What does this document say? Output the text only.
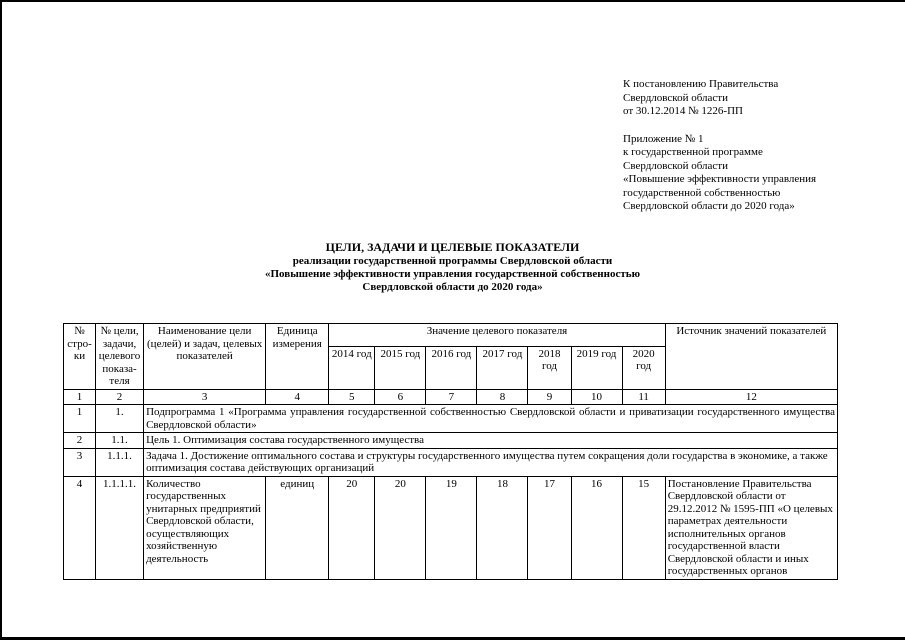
К постановлению Правительства
Свердловской области
от 30.12.2014 № 1226-ПП
Приложение № 1
к государственной программе
Свердловской области
«Повышение эффективности управления
государственной собственностью
Свердловской области до 2020 года»
ЦЕЛИ, ЗАДАЧИ И ЦЕЛЕВЫЕ ПОКАЗАТЕЛИ
реализации государственной программы Свердловской области
«Повышение эффективности управления государственной собственностью
Свердловской области до 2020 года»
№ стро-ки	№ цели, задачи, целевого показа-теля	Наименование цели (целей) и задач, целевых показателей	Единица измерения	Значение целевого показателя							Источник значений показателей
				2014 год	2015 год	2016 год	2017 год	2018 год	2019 год	2020 год	
1	2	3	4	5	6	7	8	9	10	11	12
1	1.	Подпрограмма 1 «Программа управления государственной собственностью Свердловской области и приватизации государственного имущества Свердловской области»									
2	1.1.	Цель 1. Оптимизация состава государственного имущества									
3	1.1.1.	Задача 1. Достижение оптимального состава и структуры государственного имущества путем сокращения доли государства в экономике, а также оптимизация состава действующих организаций									
4	1.1.1.1.	Количество государственных унитарных предприятий Свердловской области, осуществляющих хозяйственную деятельность	единиц	20	20	19	18	17	16	15	Постановление Правительства Свердловской области от 29.12.2012 № 1595-ПП «О целевых параметрах деятельности исполнительных органов государственной власти Свердловской области и иных государственных органов
